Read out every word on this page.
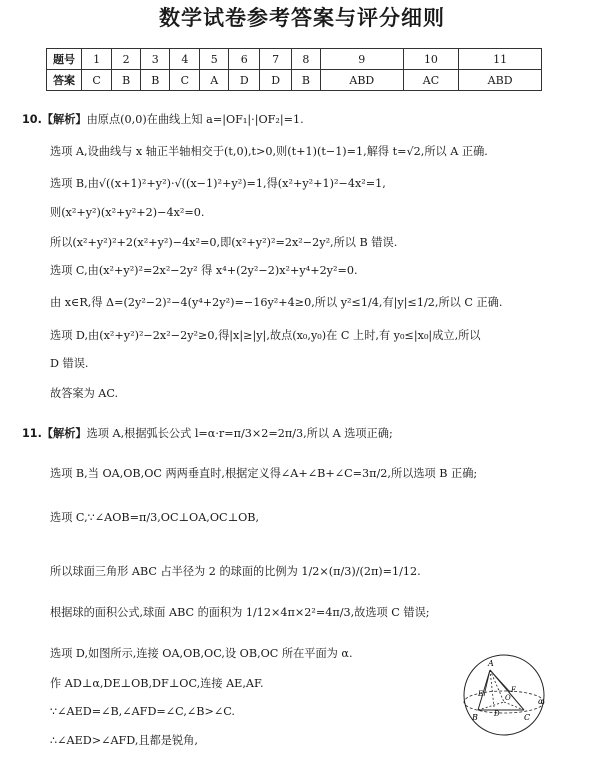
数学试卷参考答案与评分细则
题号	1	2	3	4	5	6	7	8	9	10	11
答案	C	B	B	C	A	D	D	B	ABD	AC	ABD
10.【解析】由原点(0,0)在曲线上知 a=|OF₁|·|OF₂|=1.
选项 A,设曲线与 x 轴正半轴相交于(t,0),t>0,则(t+1)(t−1)=1,解得 t=√2,所以 A 正确.
选项 B,由√((x+1)²+y²)·√((x−1)²+y²)=1,得(x²+y²+1)²−4x²=1,
则(x²+y²)(x²+y²+2)−4x²=0.
所以(x²+y²)²+2(x²+y²)−4x²=0,即(x²+y²)²=2x²−2y²,所以 B 错误.
选项 C,由(x²+y²)²=2x²−2y² 得 x⁴+(2y²−2)x²+y⁴+2y²=0.
由 x∈R,得 Δ=(2y²−2)²−4(y⁴+2y²)=−16y²+4≥0,所以 y²≤1/4,有|y|≤1/2,所以 C 正确.
选项 D,由(x²+y²)²−2x²−2y²≥0,得|x|≥|y|,故点(x₀,y₀)在 C 上时,有 y₀≤|x₀|成立,所以
D 错误.
故答案为 AC.
11.【解析】选项 A,根据弧长公式 l=α·r=π/3×2=2π/3,所以 A 选项正确;
选项 B,当 OA,OB,OC 两两垂直时,根据定义得∠A+∠B+∠C=3π/2,所以选项 B 正确;
选项 C,∵∠AOB=π/3,OC⊥OA,OC⊥OB,
所以球面三角形 ABC 占半径为 2 的球面的比例为 1/2×(π/3)/(2π)=1/12.
根据球的面积公式,球面 ABC 的面积为 1/12×4π×2²=4π/3,故选项 C 错误;
选项 D,如图所示,连接 OA,OB,OC,设 OB,OC 所在平面为 α.
作 AD⊥α,DE⊥OB,DF⊥OC,连接 AE,AF.
∵∠AED=∠B,∠AFD=∠C,∠B>∠C.
∴∠AED>∠AFD,且都是锐角,
A
B	C
D
E	F
O	α
